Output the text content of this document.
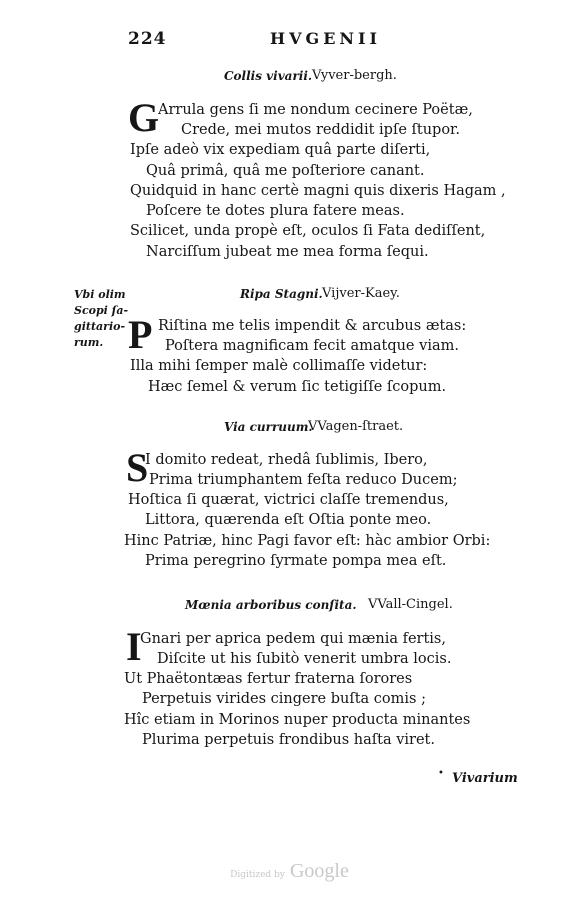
224	HVGENII
Collis vivarii. Vyver-bergh.
G
Arrula gens ſi me nondum cecinere Poëtæ,
Crede, mei mutos reddidit ipſe ſtupor.
Ipſe adeò vix expediam quâ parte diſerti,
Quâ primâ, quâ me poſteriore canant.
Quidquid in hanc certè magni quis dixeris Hagam ,
Poſcere te dotes plura fatere meas.
Scilicet, unda propè eſt, oculos ſi Fata dediſſent,
Narciſſum jubeat me mea forma ſequi.
Vbi olim
Scopi ſa-
gittario-
rum.
Ripa Stagni. Vijver-Kaey.
P Riſtina me telis impendit & arcubus ætas:
Poſtera magnificam fecit amatque viam.
Illa mihi ſemper malè collimaſſe videtur:
Hæc ſemel & verum ſic tetigiſſe ſcopum.
Via curruum.
VVagen-ſtraet.
S
I domito redeat, rhedâ ſublimis, Ibero,
Prima triumphantem feſta reduco Ducem;
Hoſtica ſi quærat, victrici claſſe tremendus,
Littora, quærenda eſt Oſtia ponte meo.
Hinc Patriæ, hinc Pagi favor eſt: hàc ambior Orbi:
Prima peregrino ſyrmate pompa mea eſt.
Mœnia arboribus conſita. VVall-Cingel.
I
Gnari per aprica pedem qui mænia fertis,
Diſcite ut his ſubitò venerit umbra locis.
Ut Phaëtontæas fertur fraterna ſorores
Perpetuis virides cingere buſta comis ;
Hîc etiam in Morinos nuper producta minantes
Plurima perpetuis frondibus haſta viret.
• Vivarium
Digitized by Google
